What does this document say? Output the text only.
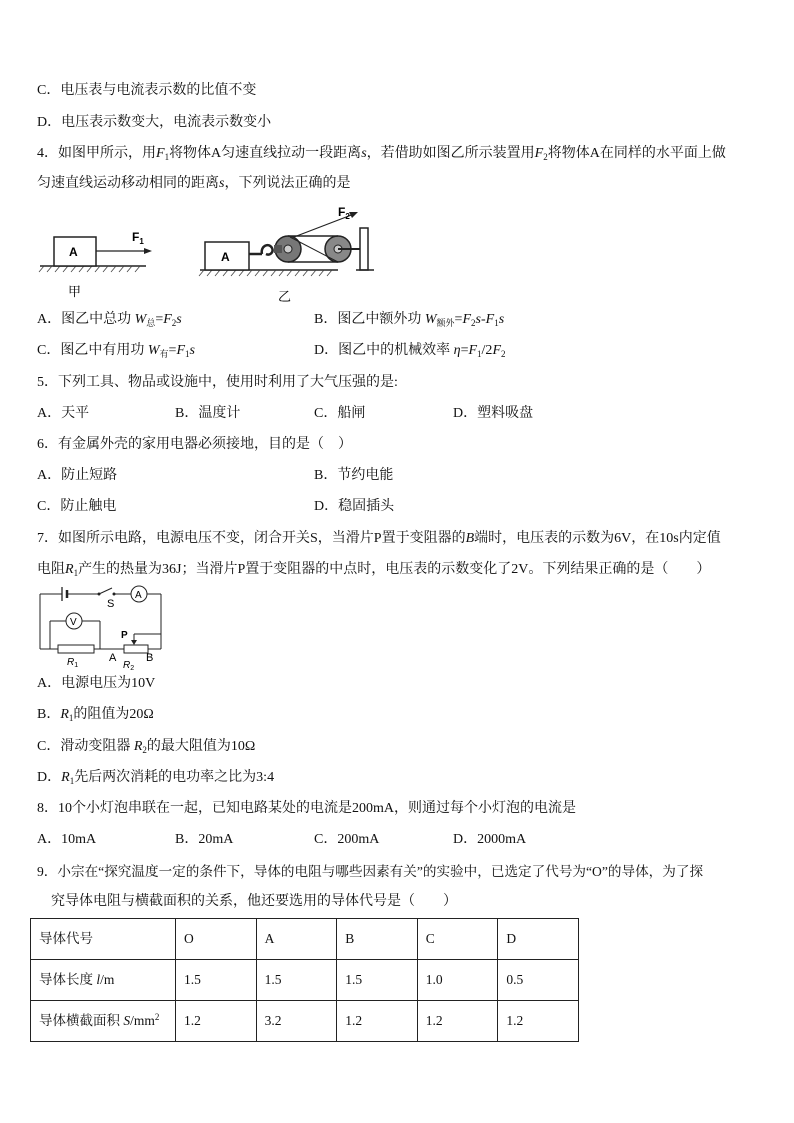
C．电压表与电流表示数的比值不变
D．电压表示数变大，电流表示数变小
4．如图甲所示，用$F_1$将物体A匀速直线拉动一段距离s，若借助如图乙所示装置用$F_2$将物体A在同样的水平面上做
匀速直线运动移动相同的距离s，下列说法正确的是
A
$F_1$
甲
A
$F_2$
乙
A．图乙中总功 $W_总=F_2s$	B．图乙中额外功 $W_{额外}=F_2s-F_1s$
C．图乙中有用功 $W_有=F_1s$	D．图乙中的机械效率 $\eta=F_1/2F_2$
5．下列工具、物品或设施中，使用时利用了大气压强的是:
A．天平	B．温度计	C．船闸	D．塑料吸盘
6．有金属外壳的家用电器必须接地，目的是（　）
A．防止短路	B．节约电能
C．防止触电	D．稳固插头
7．如图所示电路，电源电压不变，闭合开关S，当滑片P置于变阻器的B端时，电压表的示数为6V，在10s内定值
电阻$R_1$产生的热量为36J；当滑片P置于变阻器的中点时，电压表的示数变化了2V。下列结果正确的是（　　）
S
A
V
$R_1$
P
A	B
$R_2$
A．电源电压为10V
B．$R_1$的阻值为20Ω
C．滑动变阻器 $R_2$的最大阻值为10Ω
D．$R_1$先后两次消耗的电功率之比为3:4
8．10个小灯泡串联在一起，已知电路某处的电流是200mA，则通过每个小灯泡的电流是
A．10mA	B．20mA	C．200mA	D．2000mA
9．小宗在“探究温度一定的条件下，导体的电阻与哪些因素有关”的实验中，已选定了代号为“O”的导体，为了探
究导体电阻与横截面积的关系，他还要选用的导体代号是（　　）
导体代号	O	A	B	C	D
导体长度 l/m	1.5	1.5	1.5	1.0	0.5
导体横截面积 $S/mm^2$	1.2	3.2	1.2	1.2	1.2
